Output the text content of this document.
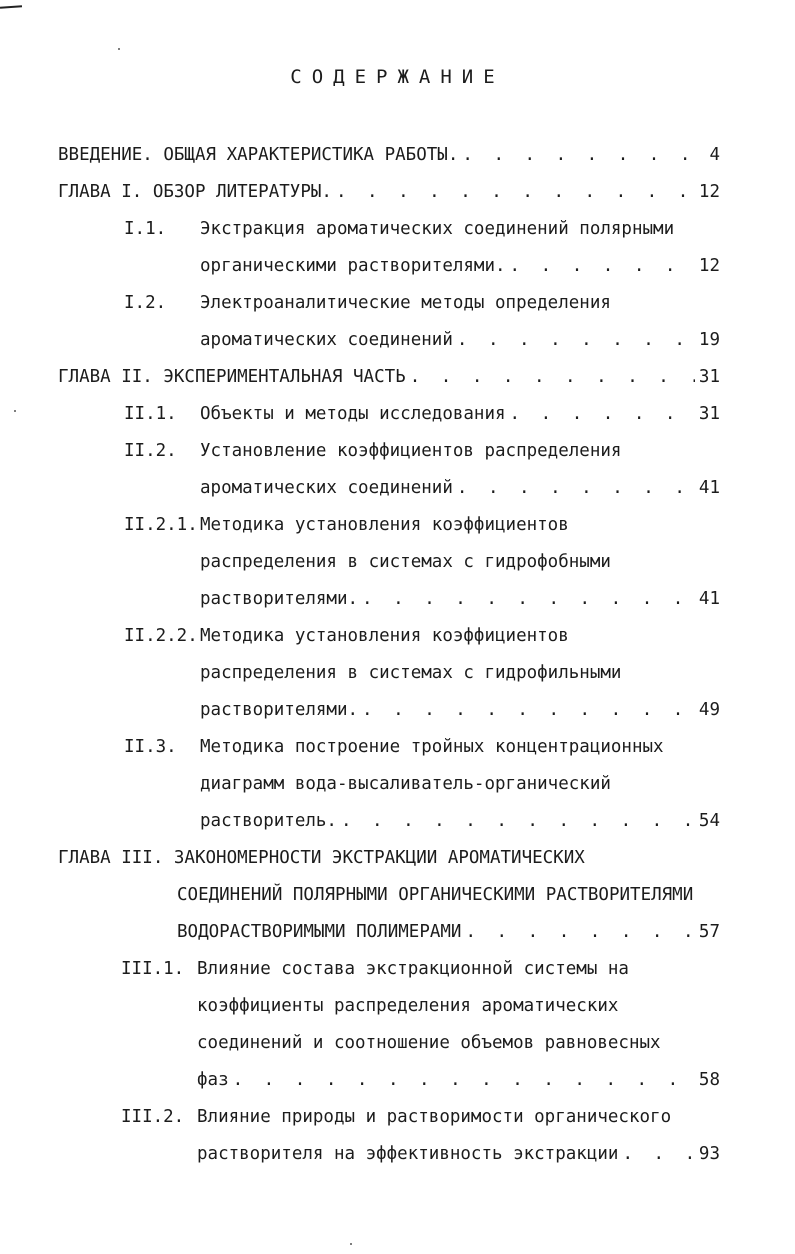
СОДЕРЖАНИЕ
ВВЕДЕНИЕ. ОБЩАЯ ХАРАКТЕРИСТИКА РАБОТЫ. . . .	4
ГЛАВА I. ОБЗОР ЛИТЕРАТУРЫ. . . .	12
I.1.	Экстракция ароматических соединений полярными
органическими растворителями. . . .	12
I.2.	Электроаналитические методы определения
ароматических соединений . . .	19
ГЛАВА II. ЭКСПЕРИМЕНТАЛЬНАЯ ЧАСТЬ . . .	31
II.1.	Объекты и методы исследования . . .	31
II.2.	Установление коэффициентов распределения
ароматических соединений . . .	41
II.2.1. Методика установления коэффициентов
распределения в системах с гидрофобными
растворителями. . . .	41
II.2.2. Методика установления коэффициентов
распределения в системах с гидрофильными
растворителями. . . .	49
II.3.	Методика построение тройных концентрационных
диаграмм вода-высаливатель-органический
растворитель. . . .	54
ГЛАВА III. ЗАКОНОМЕРНОСТИ ЭКСТРАКЦИИ АРОМАТИЧЕСКИХ
СОЕДИНЕНИЙ ПОЛЯРНЫМИ ОРГАНИЧЕСКИМИ РАСТВОРИТЕЛЯМИ
ВОДОРАСТВОРИМЫМИ ПОЛИМЕРАМИ . . .	57
III.1. Влияние состава экстракционной системы на
коэффициенты распределения ароматических
соединений и соотношение объемов равновесных
фаз . . .	58
III.2. Влияние природы и растворимости органического
растворителя на эффективность экстракции . . .	93
